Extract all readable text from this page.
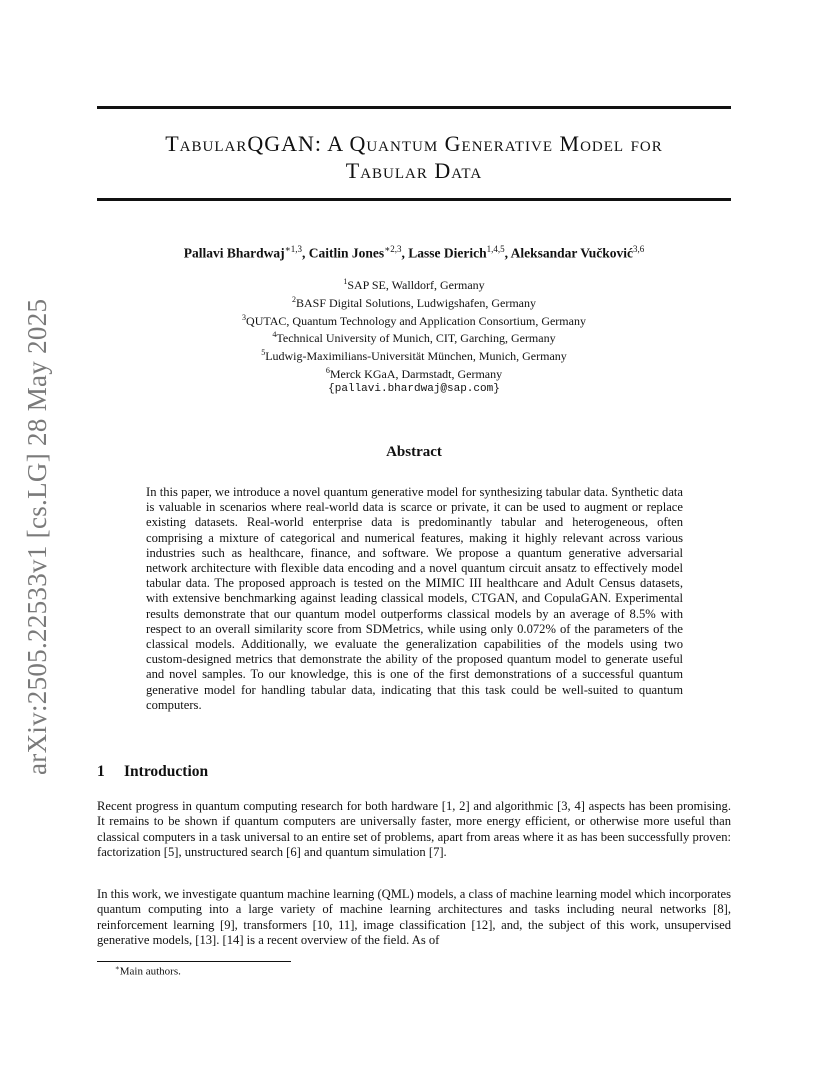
arXiv:2505.22533v1 [cs.LG] 28 May 2025
TabularQGAN: A Quantum Generative Model for
Tabular Data
Pallavi Bhardwaj$^{∗1,3}$, Caitlin Jones$^{∗2,3}$, Lasse Dierich$^{1,4,5}$, Aleksandar Vučković$^{3,6}$
$^1$SAP SE, Walldorf, Germany
$^2$BASF Digital Solutions, Ludwigshafen, Germany
$^3$QUTAC, Quantum Technology and Application Consortium, Germany
$^4$Technical University of Munich, CIT, Garching, Germany
$^5$Ludwig-Maximilians-Universität München, Munich, Germany
$^6$Merck KGaA, Darmstadt, Germany
{pallavi.bhardwaj@sap.com}
Abstract

In this paper, we introduce a novel quantum generative model for synthesizing tabular data. Synthetic data is valuable in scenarios where real-world data is scarce or private, it can be used to augment or replace existing datasets. Real-world enterprise data is predominantly tabular and heterogeneous, often comprising a mixture of categorical and numerical features, making it highly relevant across various industries such as healthcare, finance, and software. We propose a quantum generative adversarial network architecture with flexible data encoding and a novel quantum circuit ansatz to effectively model tabular data. The proposed approach is tested on the MIMIC III healthcare and Adult Census datasets, with extensive benchmarking against leading classical models, CTGAN, and CopulaGAN. Experimental results demonstrate that our quantum model outperforms classical models by an average of 8.5% with respect to an overall similarity score from SDMetrics, while using only 0.072% of the parameters of the classical models. Additionally, we evaluate the generalization capabilities of the models using two custom-designed metrics that demonstrate the ability of the proposed quantum model to generate useful and novel samples. To our knowledge, this is one of the first demonstrations of a successful quantum generative model for handling tabular data, indicating that this task could be well-suited to quantum computers.

1 Introduction

Recent progress in quantum computing research for both hardware [1, 2] and algorithmic [3, 4] aspects has been promising. It remains to be shown if quantum computers are universally faster, more energy efficient, or otherwise more useful than classical computers in a task universal to an entire set of problems, apart from areas where it as has been successfully proven: factorization [5], unstructured search [6] and quantum simulation [7].

In this work, we investigate quantum machine learning (QML) models, a class of machine learning model which incorporates quantum computing into a large variety of machine learning architectures and tasks including neural networks [8], reinforcement learning [9], transformers [10, 11], image classification [12], and, the subject of this work, unsupervised generative models, [13]. [14] is a recent overview of the field. As of

∗Main authors.
